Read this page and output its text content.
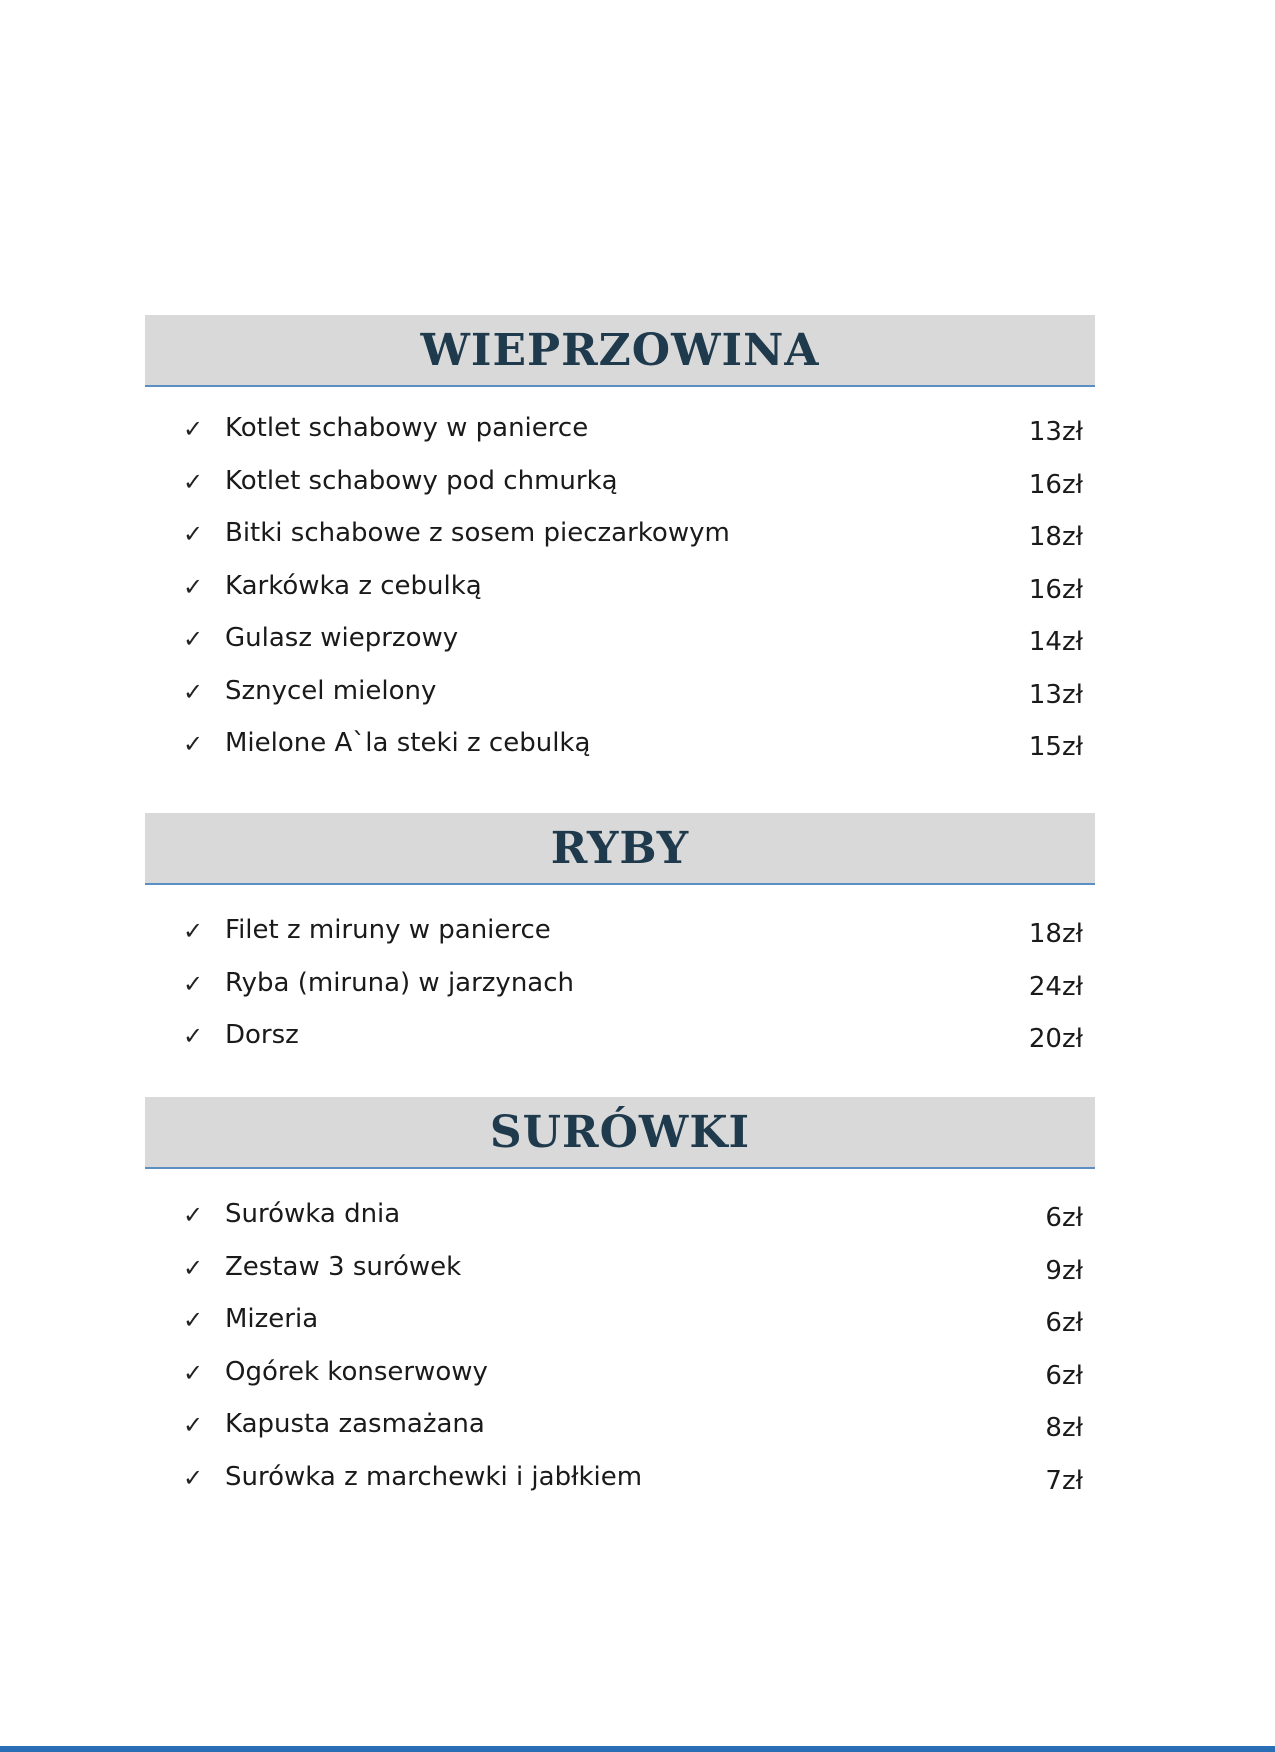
WIEPRZOWINA
✓ Kotlet schabowy w panierce	13zł
✓ Kotlet schabowy pod chmurką	16zł
✓ Bitki schabowe z sosem pieczarkowym	18zł
✓ Karkówka z cebulką	16zł
✓ Gulasz wieprzowy	14zł
✓ Sznycel mielony	13zł
✓ Mielone A`la steki z cebulką	15zł
RYBY
✓ Filet z miruny w panierce	18zł
✓ Ryba (miruna) w jarzynach	24zł
✓ Dorsz	20zł
SURÓWKI
✓ Surówka dnia	6zł
✓ Zestaw 3 surówek	9zł
✓ Mizeria	6zł
✓ Ogórek konserwowy	6zł
✓ Kapusta zasmażana	8zł
✓ Surówka z marchewki i jabłkiem	7zł
